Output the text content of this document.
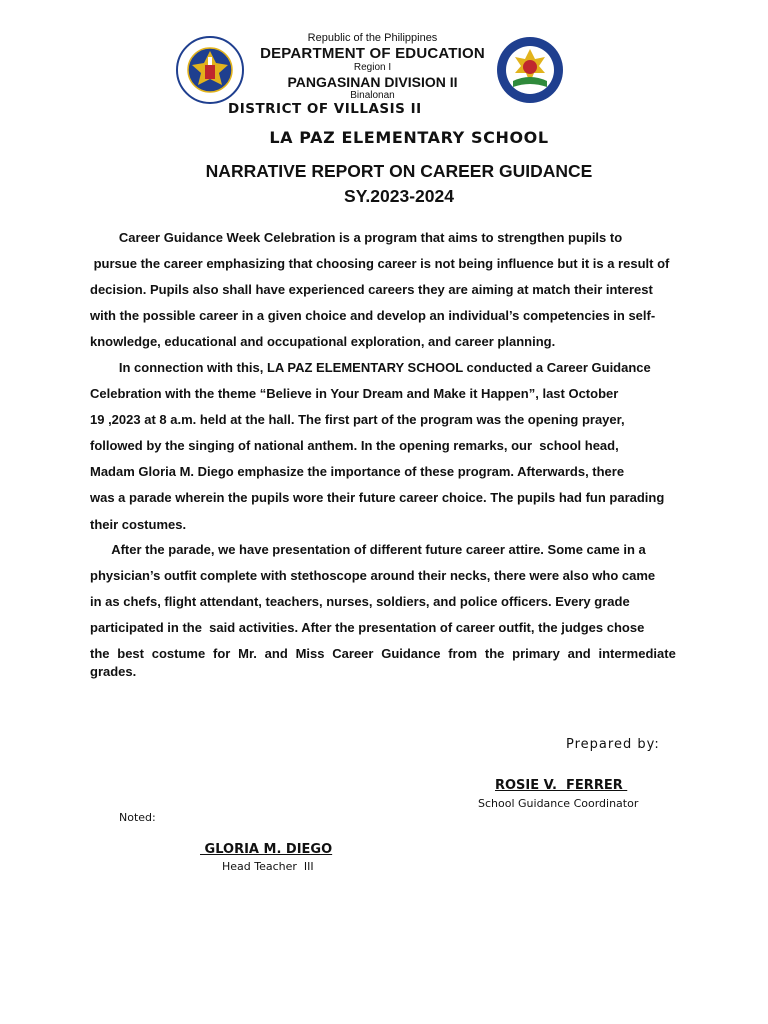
Republic of the Philippines
DEPARTMENT OF EDUCATION
Region I
PANGASINAN DIVISION II
Binalonan
DISTRICT OF VILLASIS II
LA PAZ ELEMENTARY SCHOOL
NARRATIVE REPORT ON CAREER GUIDANCE
SY.2023-2024
Career Guidance Week Celebration is a program that aims to strengthen pupils to
pursue the career emphasizing that choosing career is not being influence but it is a result of
decision. Pupils also shall have experienced careers they are aiming at match their interest
with the possible career in a given choice and develop an individual’s competencies in self-
knowledge, educational and occupational exploration, and career planning.
In connection with this, LA PAZ ELEMENTARY SCHOOL conducted a Career Guidance
Celebration with the theme “Believe in Your Dream and Make it Happen”, last October
19 ,2023 at 8 a.m. held at the hall. The first part of the program was the opening prayer,
followed by the singing of national anthem. In the opening remarks, our  school head,
Madam Gloria M. Diego emphasize the importance of these program. Afterwards, there
was a parade wherein the pupils wore their future career choice. The pupils had fun parading
their costumes.
After the parade, we have presentation of different future career attire. Some came in a
physician’s outfit complete with stethoscope around their necks, there were also who came
in as chefs, flight attendant, teachers, nurses, soldiers, and police officers. Every grade
participated in the  said activities. After the presentation of career outfit, the judges chose
the best costume for Mr. and Miss Career Guidance from the primary and intermediate
grades.
Prepared by:
ROSIE V.  FERRER
School Guidance Coordinator
Noted:
GLORIA M. DIEGO
Head Teacher  III
